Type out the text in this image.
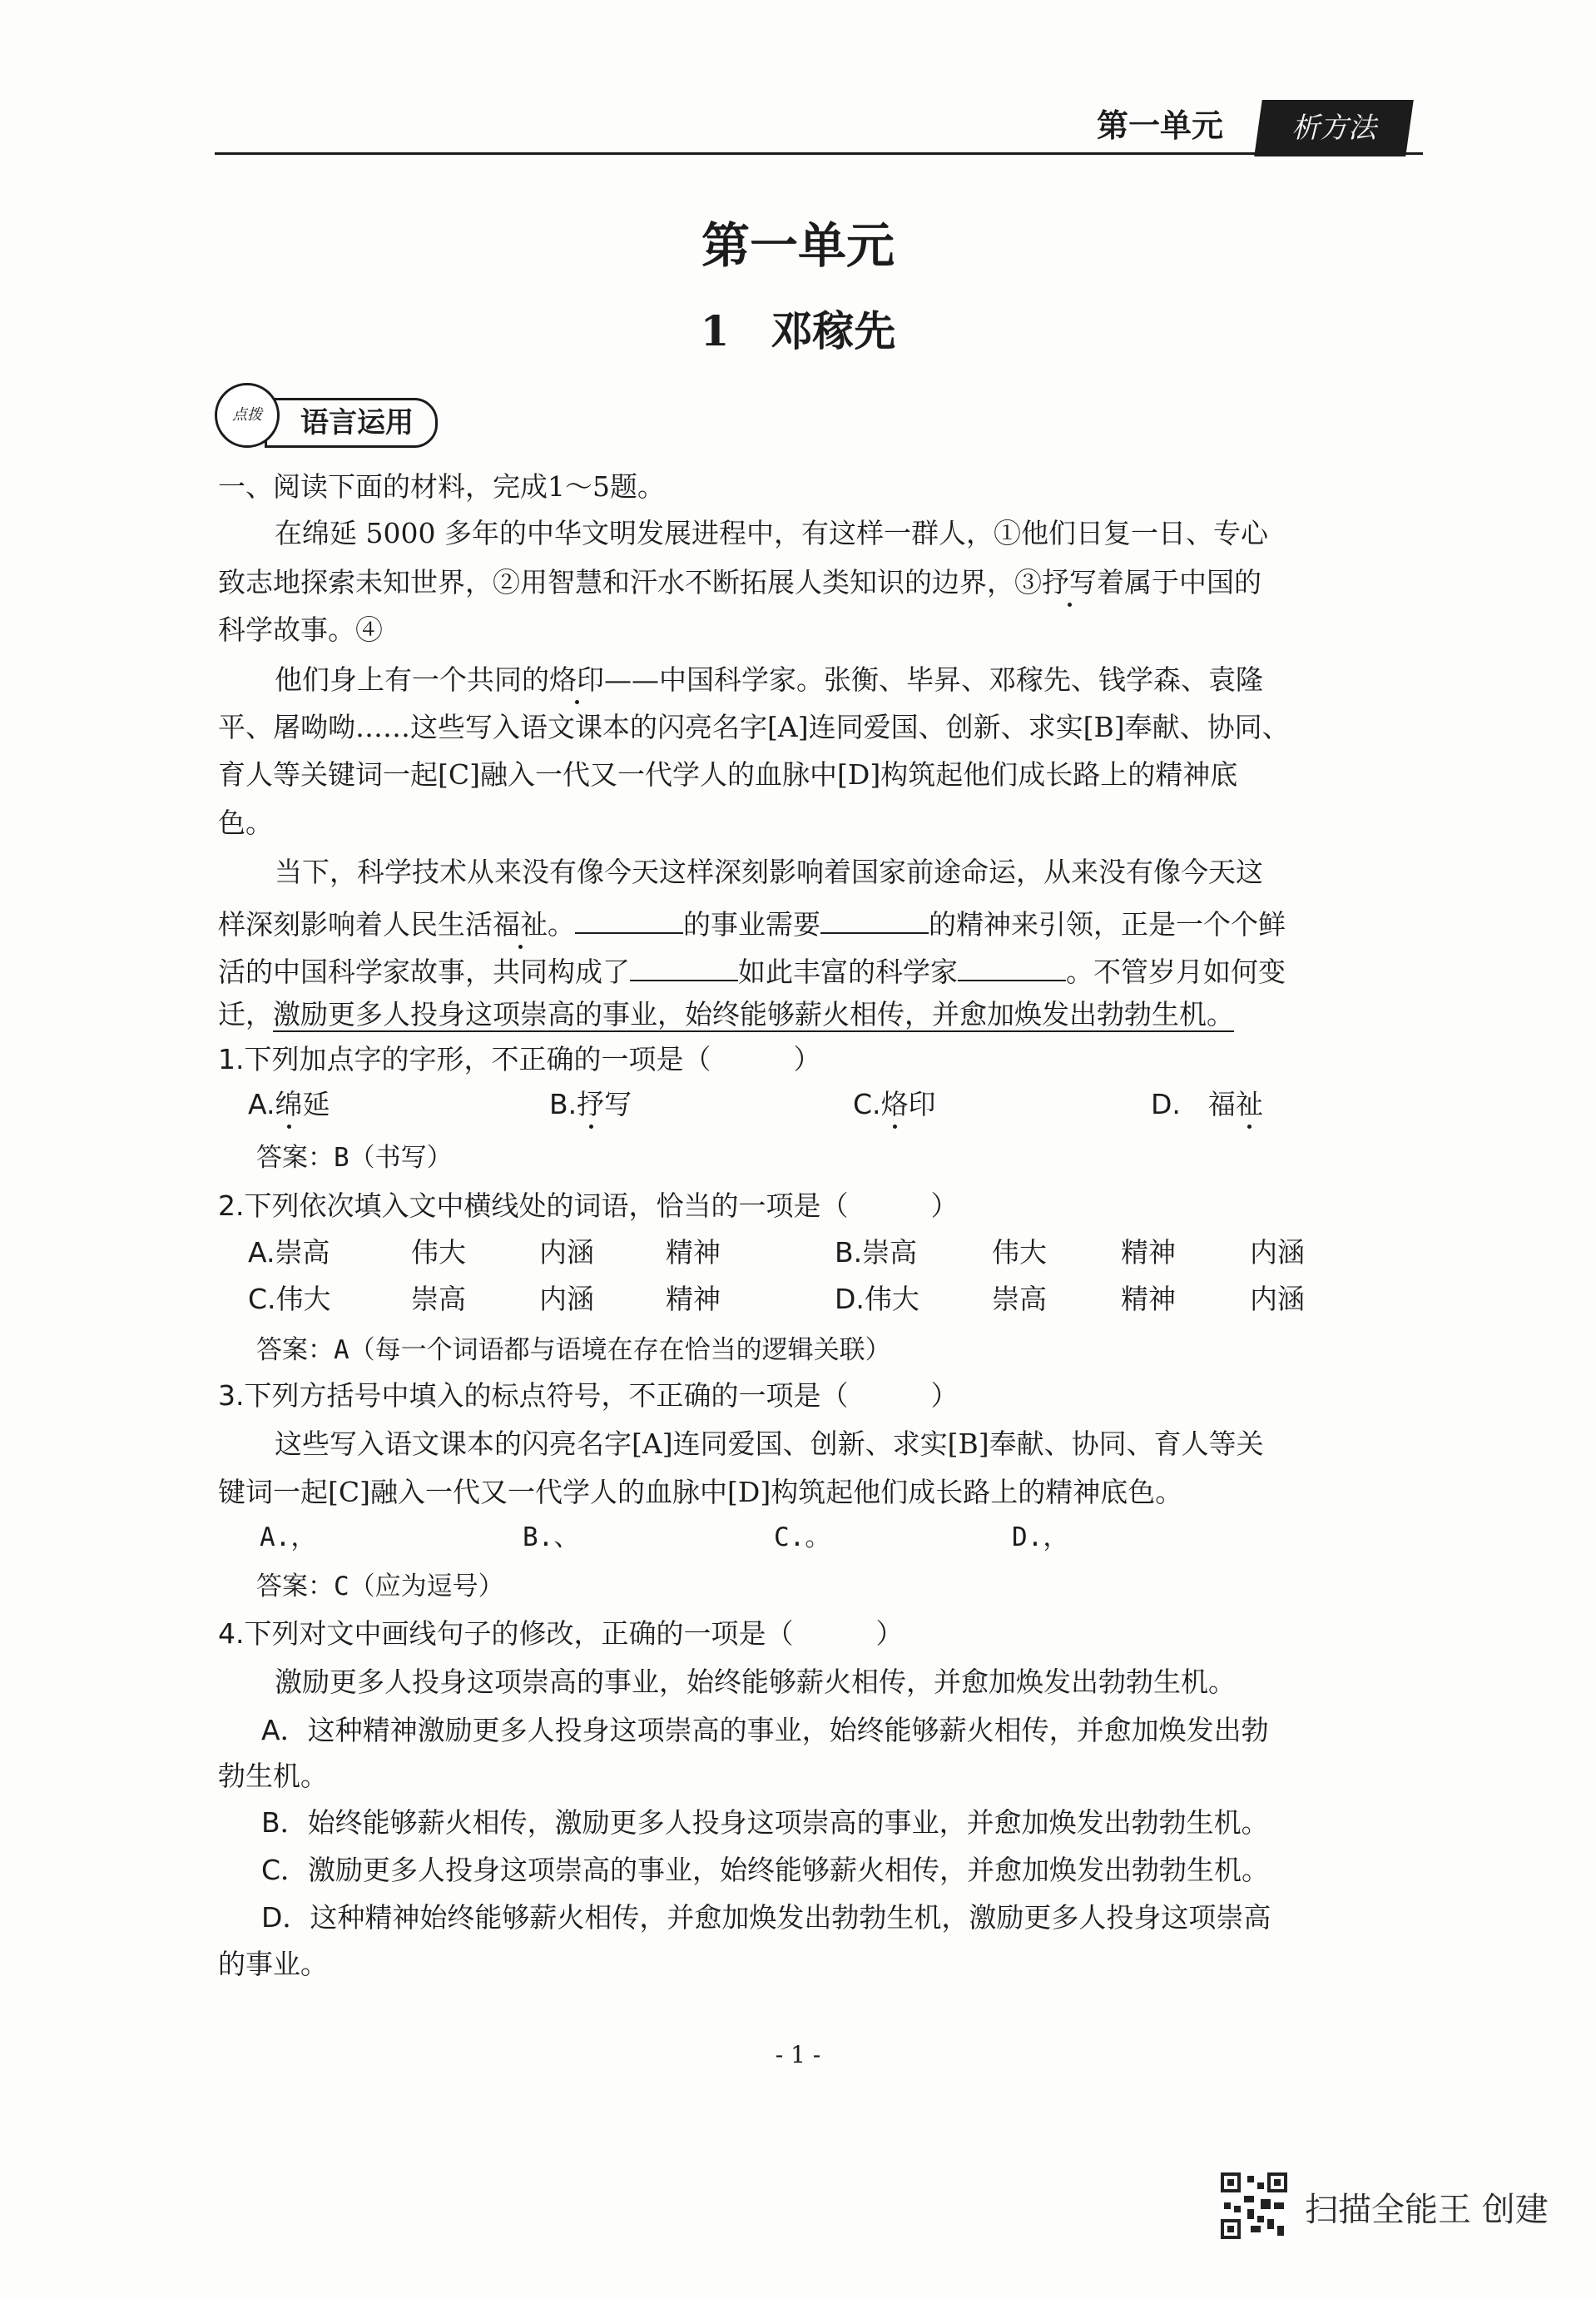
第一单元	析方法
第一单元
1　邓稼先
语言运用
点拨
一、阅读下面的材料，完成1～5题。
在绵延 5000 多年的中华文明发展进程中，有这样一群人，①他们日复一日、专心
致志地探索未知世界，②用智慧和汗水不断拓展人类知识的边界，③抒写着属于中国的
科学故事。④
他们身上有一个共同的烙印——中国科学家。张衡、毕昇、邓稼先、钱学森、袁隆
平、屠呦呦……这些写入语文课本的闪亮名字[A]连同爱国、创新、求实[B]奉献、协同、
育人等关键词一起[C]融入一代又一代学人的血脉中[D]构筑起他们成长路上的精神底
色。
当下，科学技术从来没有像今天这样深刻影响着国家前途命运，从来没有像今天这
样深刻影响着人民生活福祉。	的事业需要	的精神来引领，正是一个个鲜
活的中国科学家故事，共同构成了	如此丰富的科学家	。不管岁月如何变
迁，激励更多人投身这项崇高的事业，始终能够薪火相传，并愈加焕发出勃勃生机。
1.下列加点字的字形，不正确的一项是（　　　）
A.绵延	B.抒写	C.烙印	D.　福祉
答案：B（书写）
2.下列依次填入文中横线处的词语，恰当的一项是（　　　）
A.崇高	伟大	内涵	精神	B.崇高	伟大	精神	内涵
C.伟大	崇高	内涵	精神	D.伟大	崇高	精神	内涵
答案：A（每一个词语都与语境在存在恰当的逻辑关联）
3.下列方括号中填入的标点符号，不正确的一项是（　　　）
这些写入语文课本的闪亮名字[A]连同爱国、创新、求实[B]奉献、协同、育人等关
键词一起[C]融入一代又一代学人的血脉中[D]构筑起他们成长路上的精神底色。
A.，	B.、	C.。	D.，
答案：C（应为逗号）
4.下列对文中画线句子的修改，正确的一项是（　　　）
激励更多人投身这项崇高的事业，始终能够薪火相传，并愈加焕发出勃勃生机。
A．这种精神激励更多人投身这项崇高的事业，始终能够薪火相传，并愈加焕发出勃
勃生机。
B．始终能够薪火相传，激励更多人投身这项崇高的事业，并愈加焕发出勃勃生机。
C．激励更多人投身这项崇高的事业，始终能够薪火相传，并愈加焕发出勃勃生机。
D．这种精神始终能够薪火相传，并愈加焕发出勃勃生机，激励更多人投身这项崇高
的事业。
- 1 -
扫描全能王 创建
